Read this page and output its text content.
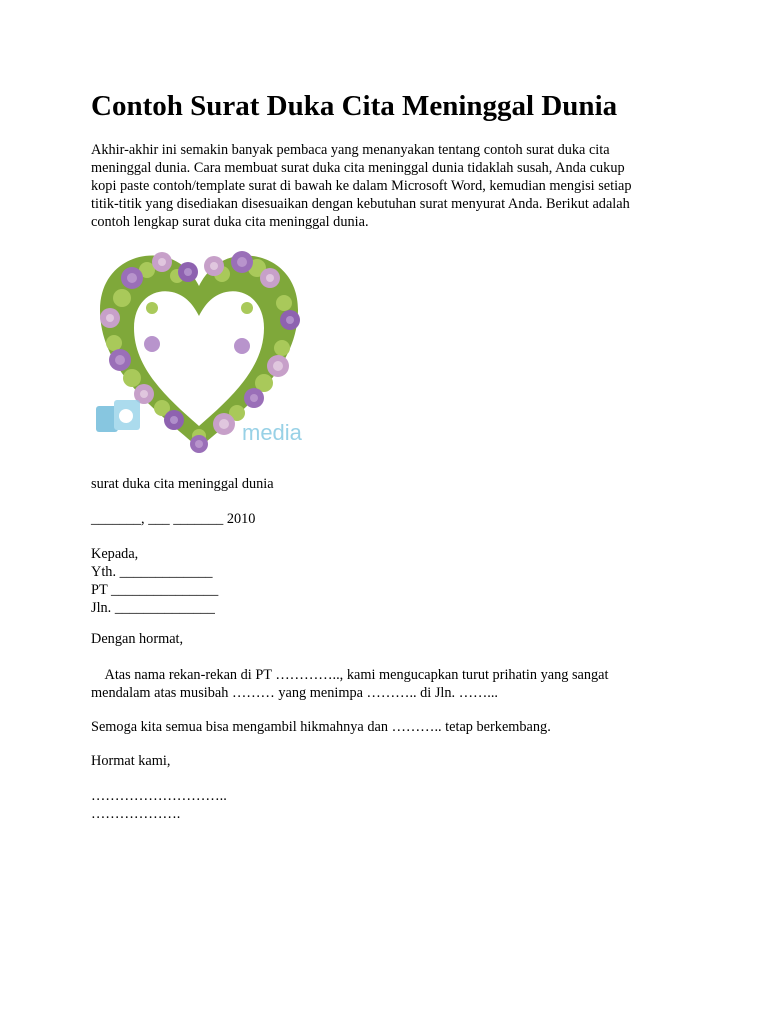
Contoh Surat Duka Cita Meninggal Dunia
Akhir-akhir ini semakin banyak pembaca yang menanyakan tentang contoh surat duka cita
meninggal dunia. Cara membuat surat duka cita meninggal dunia tidaklah susah, Anda cukup
kopi paste contoh/template surat di bawah ke dalam Microsoft Word, kemudian mengisi setiap
titik-titik yang disediakan disesuaikan dengan kebutuhan surat menyurat Anda. Berikut adalah
contoh lengkap surat duka cita meninggal dunia.
media

surat duka cita meninggal dunia

_______, ___ _______ 2010

Kepada,
Yth. _____________
PT _______________
Jln. ______________

Dengan hormat,

Atas nama rekan-rekan di PT ………….., kami mengucapkan turut prihatin yang sangat
mendalam atas musibah ……… yang menimpa ……….. di Jln. ……...

Semoga kita semua bisa mengambil hikmahnya dan ……….. tetap berkembang.

Hormat kami,

………………………..
……………….
